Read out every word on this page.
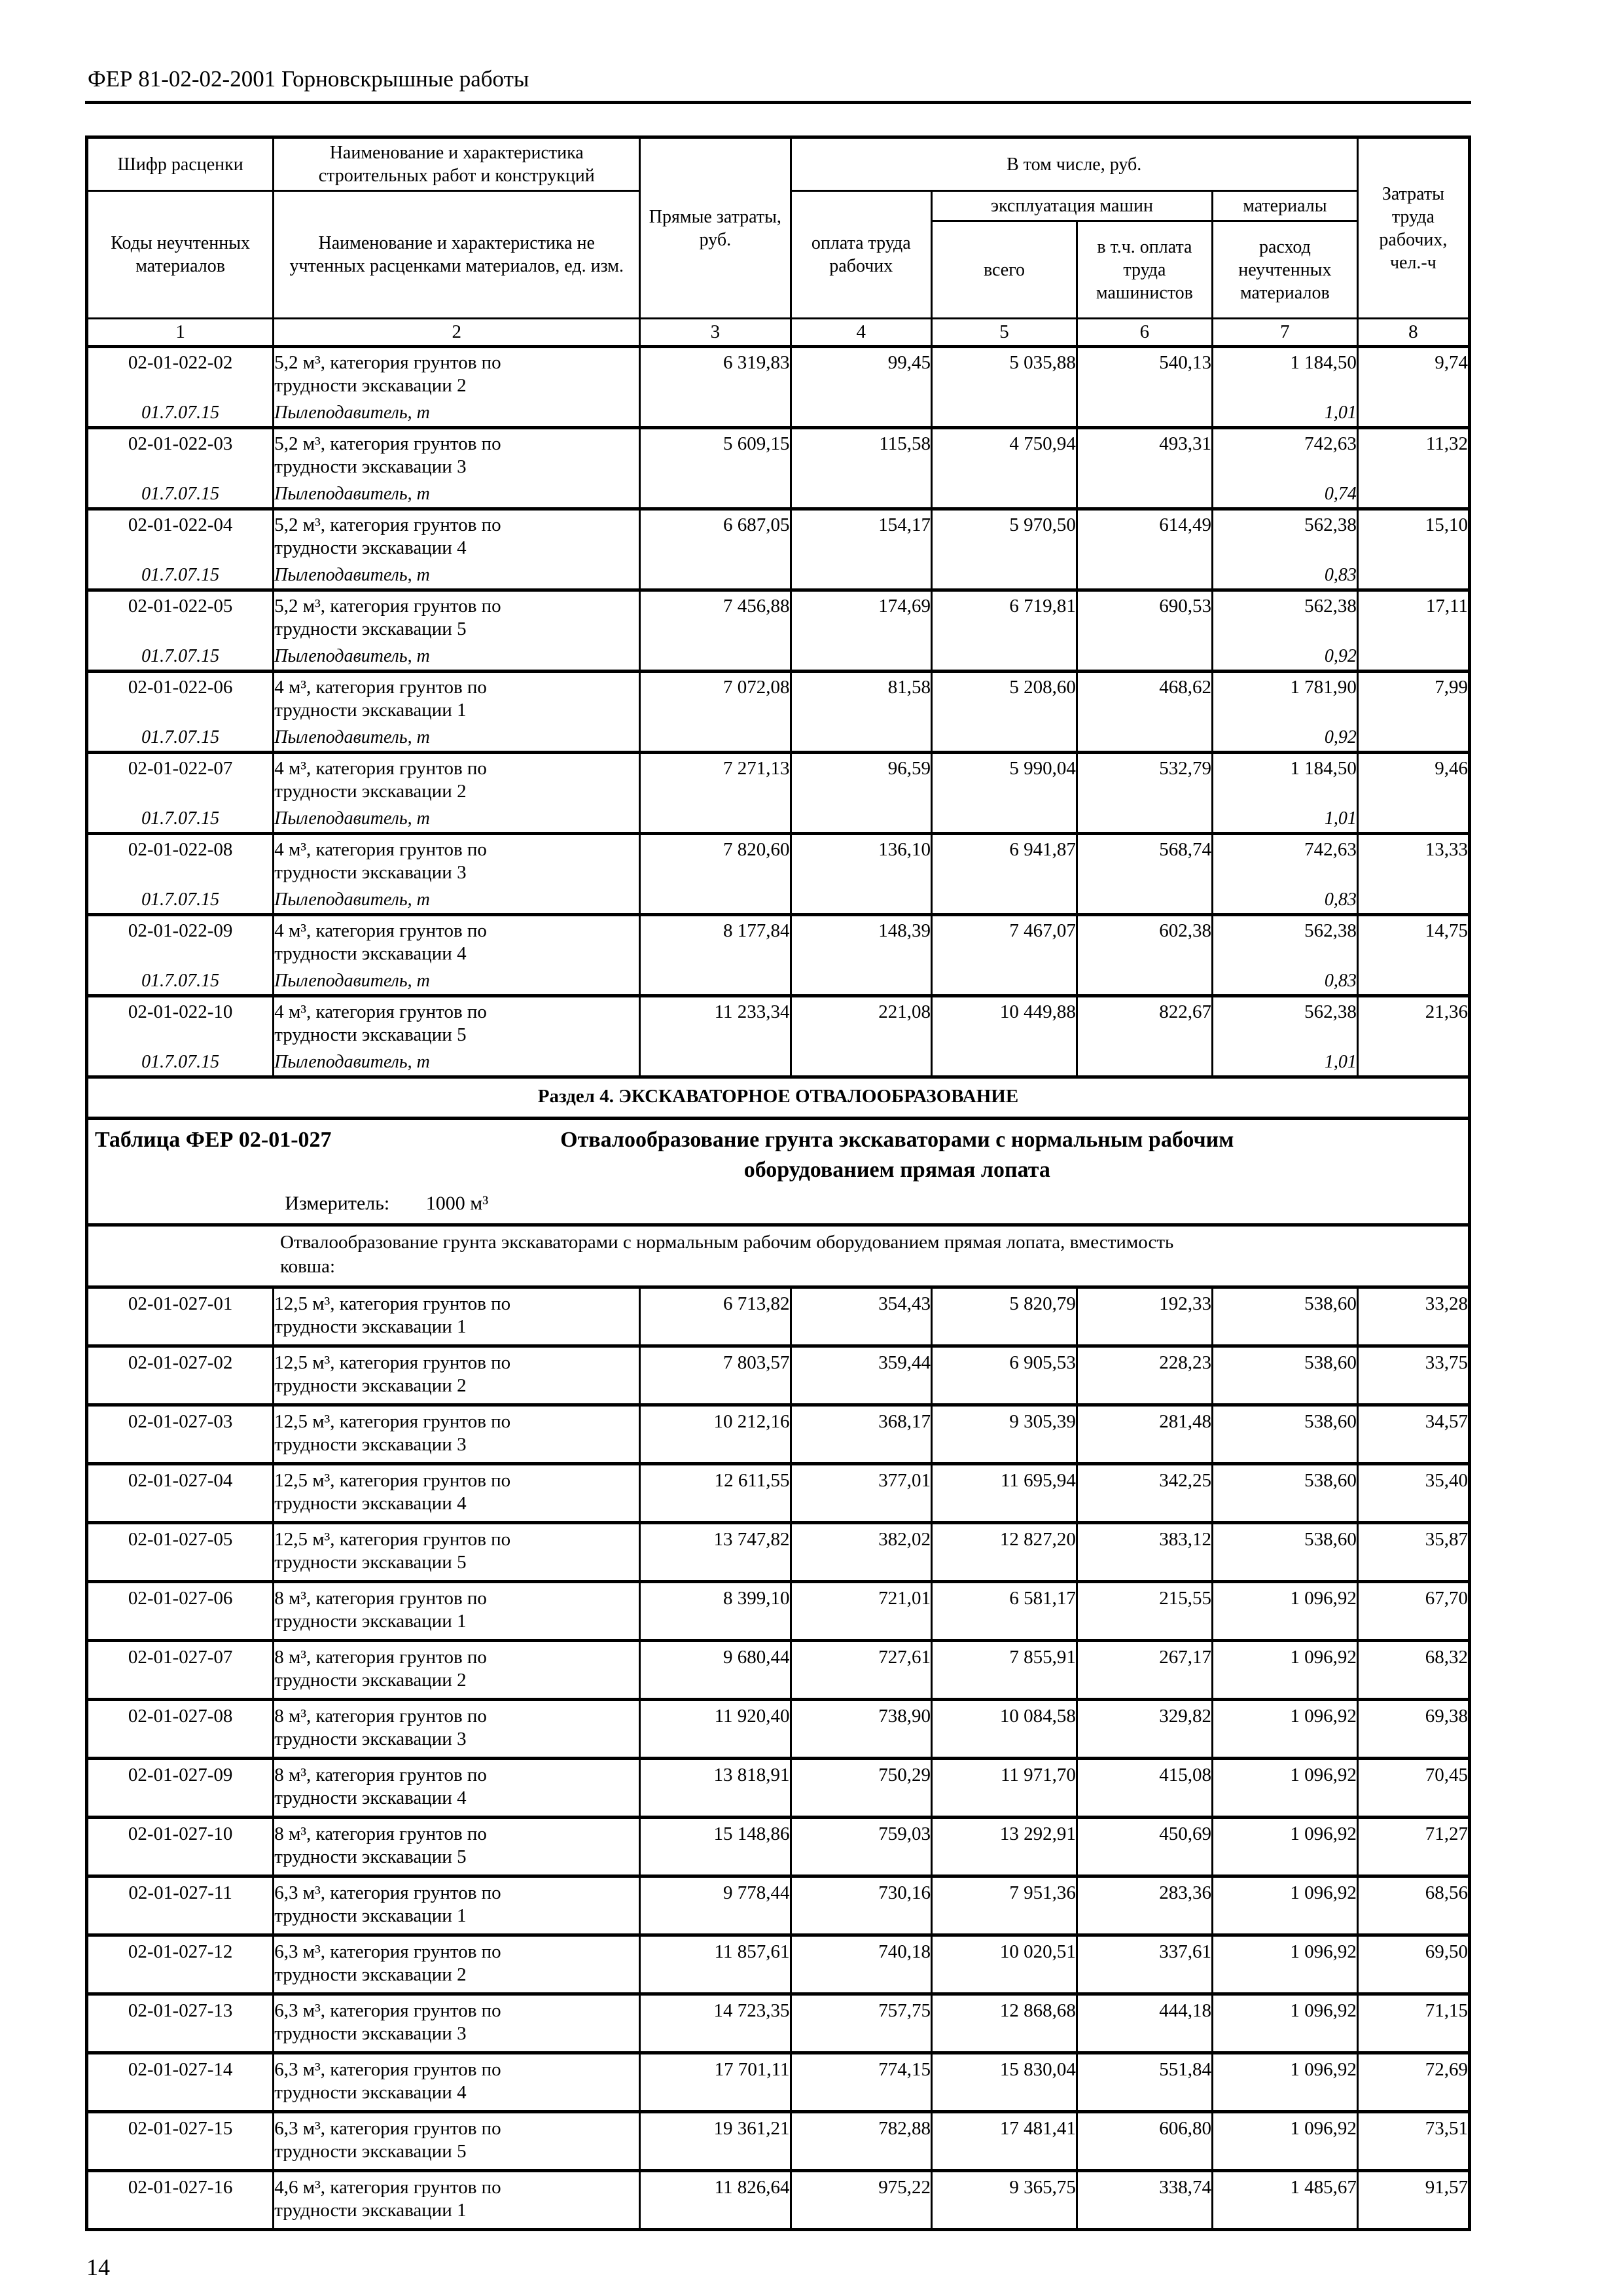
ФЕР 81-02-02-2001 Горновскрышные работы
Шифр расценки	Наименование и характеристика строительных работ и конструкций	Прямые затраты, руб.	В том числе, руб.				Затраты труда рабочих, чел.-ч
Коды неучтенных материалов	Наименование и характеристика не учтенных расценками материалов, ед. изм.		оплата труда рабочих	эксплуатация машин		материалы	
				всего	в т.ч. оплата труда машинистов	расход неучтенных материалов	
1	2	3	4	5	6	7	8
02-01-022-02	5,2 м³, категория грунтов по
трудности экскавации 2	6 319,83	99,45	5 035,88	540,13	1 184,50	9,74
01.7.07.15	Пылеподавитель, т					1,01	
02-01-022-03	5,2 м³, категория грунтов по
трудности экскавации 3	5 609,15	115,58	4 750,94	493,31	742,63	11,32
01.7.07.15	Пылеподавитель, т					0,74	
02-01-022-04	5,2 м³, категория грунтов по
трудности экскавации 4	6 687,05	154,17	5 970,50	614,49	562,38	15,10
01.7.07.15	Пылеподавитель, т					0,83	
02-01-022-05	5,2 м³, категория грунтов по
трудности экскавации 5	7 456,88	174,69	6 719,81	690,53	562,38	17,11
01.7.07.15	Пылеподавитель, т					0,92	
02-01-022-06	4 м³, категория грунтов по
трудности экскавации 1	7 072,08	81,58	5 208,60	468,62	1 781,90	7,99
01.7.07.15	Пылеподавитель, т					0,92	
02-01-022-07	4 м³, категория грунтов по
трудности экскавации 2	7 271,13	96,59	5 990,04	532,79	1 184,50	9,46
01.7.07.15	Пылеподавитель, т					1,01	
02-01-022-08	4 м³, категория грунтов по
трудности экскавации 3	7 820,60	136,10	6 941,87	568,74	742,63	13,33
01.7.07.15	Пылеподавитель, т					0,83	
02-01-022-09	4 м³, категория грунтов по
трудности экскавации 4	8 177,84	148,39	7 467,07	602,38	562,38	14,75
01.7.07.15	Пылеподавитель, т					0,83	
02-01-022-10	4 м³, категория грунтов по
трудности экскавации 5	11 233,34	221,08	10 449,88	822,67	562,38	21,36
01.7.07.15	Пылеподавитель, т					1,01	
Раздел 4. ЭКСКАВАТОРНОЕ ОТВАЛООБРАЗОВАНИЕ							

Таблица ФЕР 02-01-027 Отвалообразование грунта экскаваторами с нормальным рабочим
оборудованием прямая лопата
Измеритель: 1000 м³							

Отвалообразование грунта экскаваторами с нормальным рабочим оборудованием прямая лопата, вместимость
ковша:							

02-01-027-01	12,5 м³, категория грунтов по
трудности экскавации 1	6 713,82	354,43	5 820,79	192,33	538,60	33,28
02-01-027-02	12,5 м³, категория грунтов по
трудности экскавации 2	7 803,57	359,44	6 905,53	228,23	538,60	33,75
02-01-027-03	12,5 м³, категория грунтов по
трудности экскавации 3	10 212,16	368,17	9 305,39	281,48	538,60	34,57
02-01-027-04	12,5 м³, категория грунтов по
трудности экскавации 4	12 611,55	377,01	11 695,94	342,25	538,60	35,40
02-01-027-05	12,5 м³, категория грунтов по
трудности экскавации 5	13 747,82	382,02	12 827,20	383,12	538,60	35,87
02-01-027-06	8 м³, категория грунтов по
трудности экскавации 1	8 399,10	721,01	6 581,17	215,55	1 096,92	67,70
02-01-027-07	8 м³, категория грунтов по
трудности экскавации 2	9 680,44	727,61	7 855,91	267,17	1 096,92	68,32
02-01-027-08	8 м³, категория грунтов по
трудности экскавации 3	11 920,40	738,90	10 084,58	329,82	1 096,92	69,38
02-01-027-09	8 м³, категория грунтов по
трудности экскавации 4	13 818,91	750,29	11 971,70	415,08	1 096,92	70,45
02-01-027-10	8 м³, категория грунтов по
трудности экскавации 5	15 148,86	759,03	13 292,91	450,69	1 096,92	71,27
02-01-027-11	6,3 м³, категория грунтов по
трудности экскавации 1	9 778,44	730,16	7 951,36	283,36	1 096,92	68,56
02-01-027-12	6,3 м³, категория грунтов по
трудности экскавации 2	11 857,61	740,18	10 020,51	337,61	1 096,92	69,50
02-01-027-13	6,3 м³, категория грунтов по
трудности экскавации 3	14 723,35	757,75	12 868,68	444,18	1 096,92	71,15
02-01-027-14	6,3 м³, категория грунтов по
трудности экскавации 4	17 701,11	774,15	15 830,04	551,84	1 096,92	72,69
02-01-027-15	6,3 м³, категория грунтов по
трудности экскавации 5	19 361,21	782,88	17 481,41	606,80	1 096,92	73,51
02-01-027-16	4,6 м³, категория грунтов по
трудности экскавации 1	11 826,64	975,22	9 365,75	338,74	1 485,67	91,57
14
